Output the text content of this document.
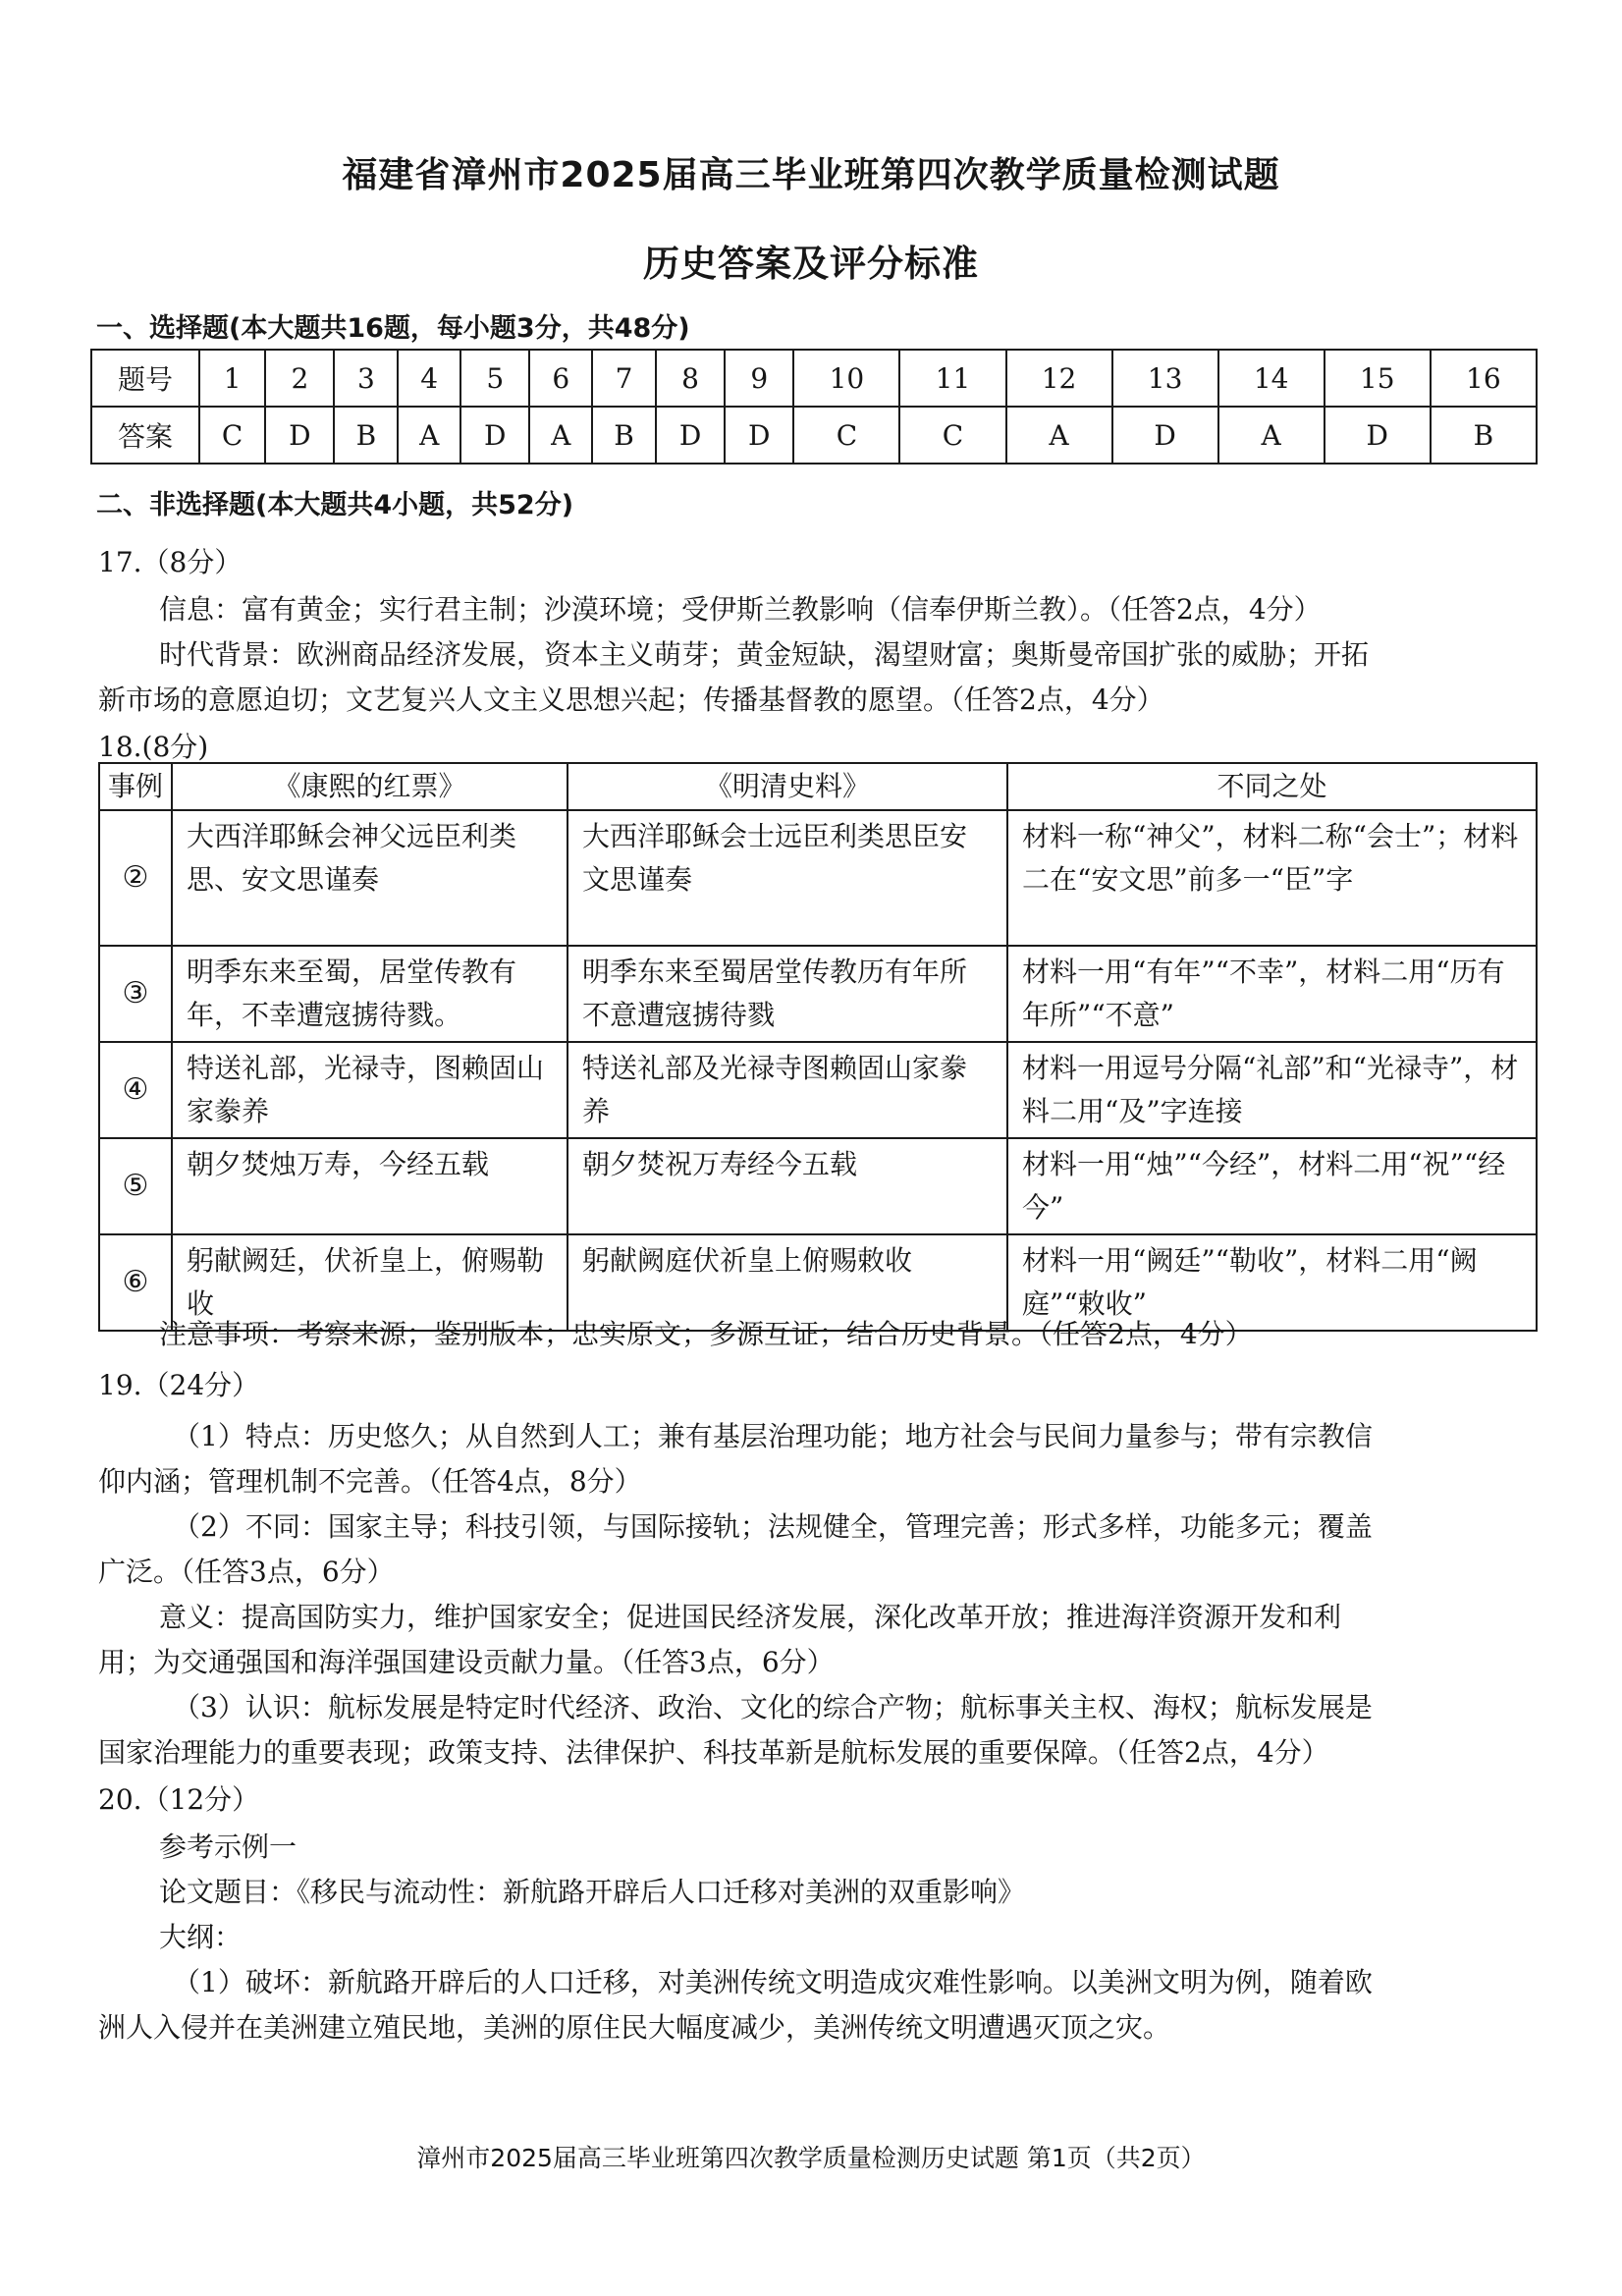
福建省漳州市2025届高三毕业班第四次教学质量检测试题
历史答案及评分标准
一、选择题(本大题共16题，每小题3分，共48分)
题号	1	2	3	4	5	6	7	8	9	10	11	12	13	14	15	16
答案	C	D	B	A	D	A	B	D	D	C	C	A	D	A	D	B
二、非选择题(本大题共4小题，共52分)
17.（8分）
信息：富有黄金；实行君主制；沙漠环境；受伊斯兰教影响（信奉伊斯兰教）。（任答2点，4分）
时代背景：欧洲商品经济发展，资本主义萌芽；黄金短缺，渴望财富；奥斯曼帝国扩张的威胁；开拓
新市场的意愿迫切；文艺复兴人文主义思想兴起；传播基督教的愿望。（任答2点，4分）
18.(8分)
事例	《康熙的红票》	《明清史料》	不同之处
②	大西洋耶稣会神父远臣利类思、安文思谨奏	大西洋耶稣会士远臣利类思臣安文思谨奏	材料一称“神父”，材料二称“会士”；材料二在“安文思”前多一“臣”字
③	明季东来至蜀，居堂传教有年，不幸遭寇掳待戮。	明季东来至蜀居堂传教历有年所不意遭寇掳待戮	材料一用“有年”“不幸”，材料二用“历有年所”“不意”
④	特送礼部，光禄寺，图赖固山家豢养	特送礼部及光禄寺图赖固山家豢养	材料一用逗号分隔“礼部”和“光禄寺”，材料二用“及”字连接
⑤	朝夕焚烛万寿，今经五载	朝夕焚祝万寿经今五载	材料一用“烛”“今经”，材料二用“祝”“经今”
⑥	躬献阙廷，伏祈皇上，俯赐勒收	躬献阙庭伏祈皇上俯赐敕收	材料一用“阙廷”“勒收”，材料二用“阙庭”“敕收”
注意事项：考察来源；鉴别版本；忠实原文；多源互证；结合历史背景。（任答2点，4分）
19.（24分）
（1）特点：历史悠久；从自然到人工；兼有基层治理功能；地方社会与民间力量参与；带有宗教信
仰内涵；管理机制不完善。（任答4点，8分）
（2）不同：国家主导；科技引领，与国际接轨；法规健全，管理完善；形式多样，功能多元；覆盖
广泛。（任答3点，6分）
意义：提高国防实力，维护国家安全；促进国民经济发展，深化改革开放；推进海洋资源开发和利
用；为交通强国和海洋强国建设贡献力量。（任答3点，6分）
（3）认识：航标发展是特定时代经济、政治、文化的综合产物；航标事关主权、海权；航标发展是
国家治理能力的重要表现；政策支持、法律保护、科技革新是航标发展的重要保障。（任答2点，4分）
20.（12分）
参考示例一
论文题目：《移民与流动性：新航路开辟后人口迁移对美洲的双重影响》
大纲：
（1）破坏：新航路开辟后的人口迁移，对美洲传统文明造成灾难性影响。以美洲文明为例，随着欧
洲人入侵并在美洲建立殖民地，美洲的原住民大幅度减少，美洲传统文明遭遇灭顶之灾。
漳州市2025届高三毕业班第四次教学质量检测历史试题 第1页（共2页）
